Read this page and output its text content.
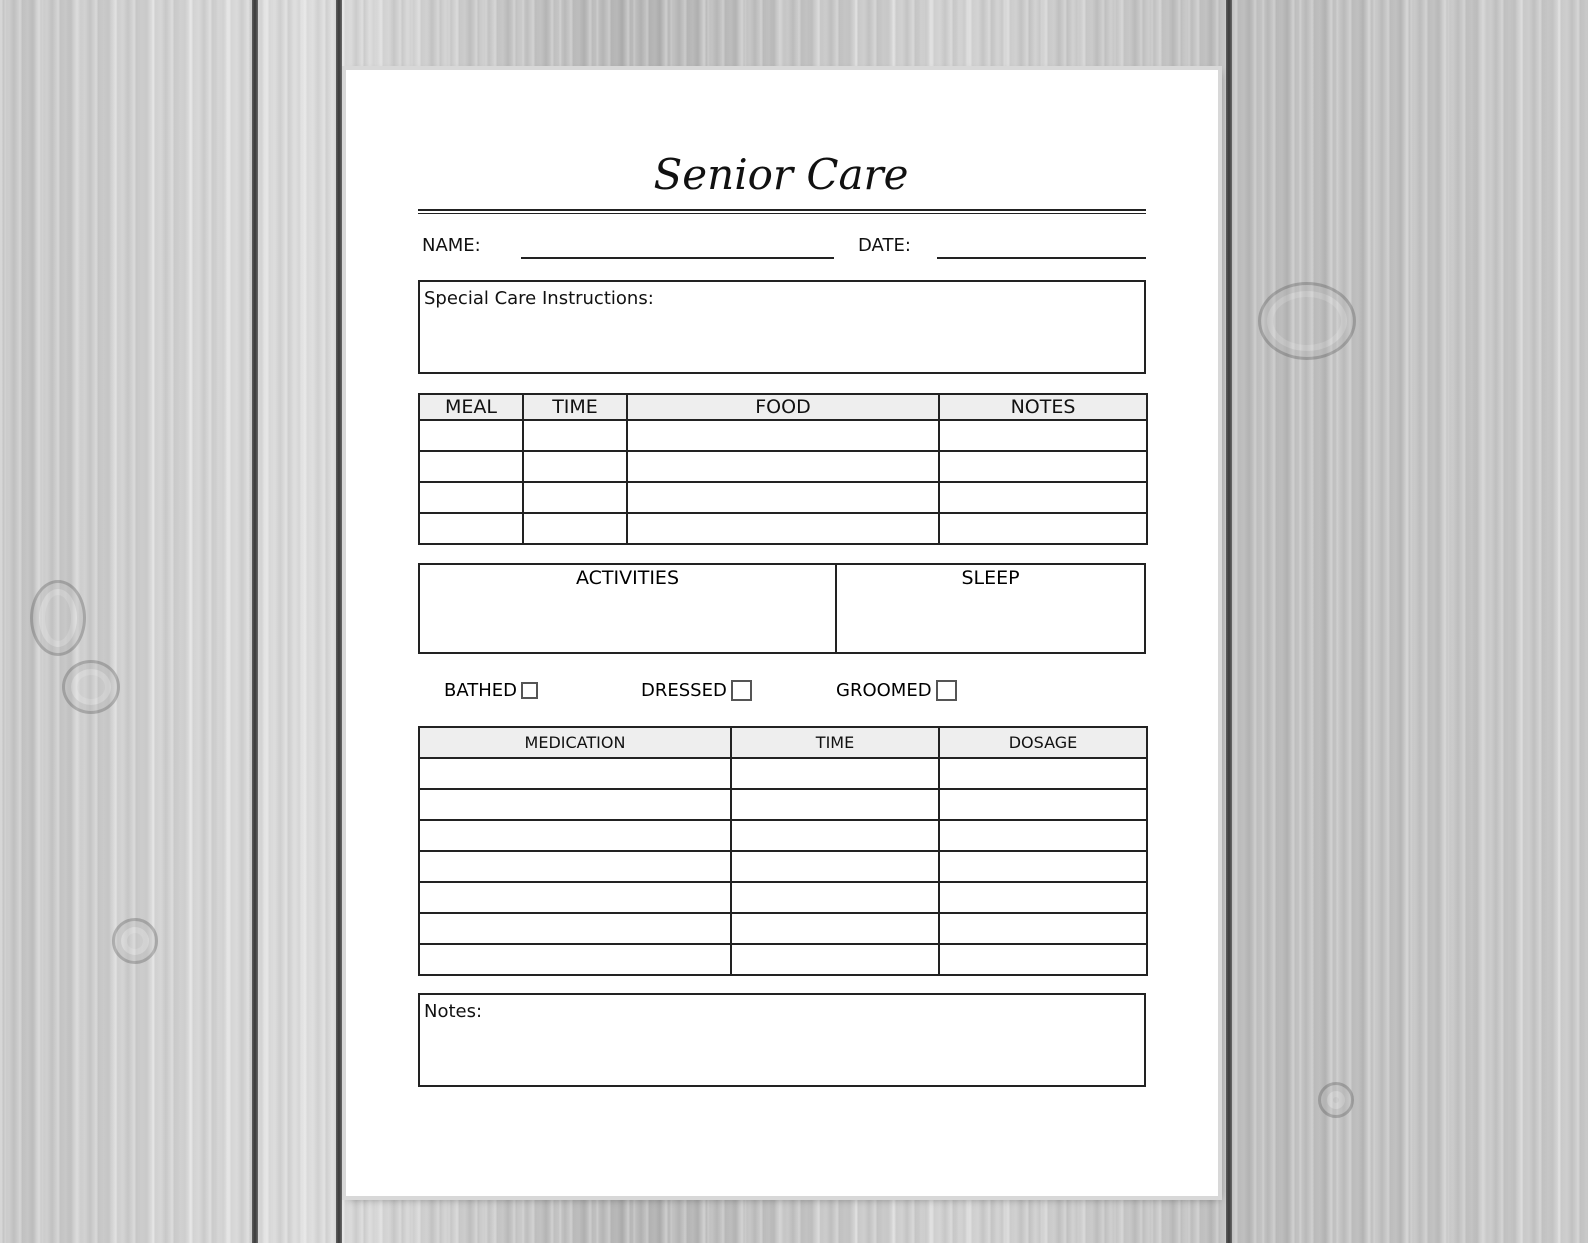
Senior Care
NAME:	DATE:
Special Care Instructions:
MEAL	TIME	FOOD	NOTES

ACTIVITIES	SLEEP
BATHED	DRESSED	GROOMED
MEDICATION	TIME	DOSAGE

Notes:
